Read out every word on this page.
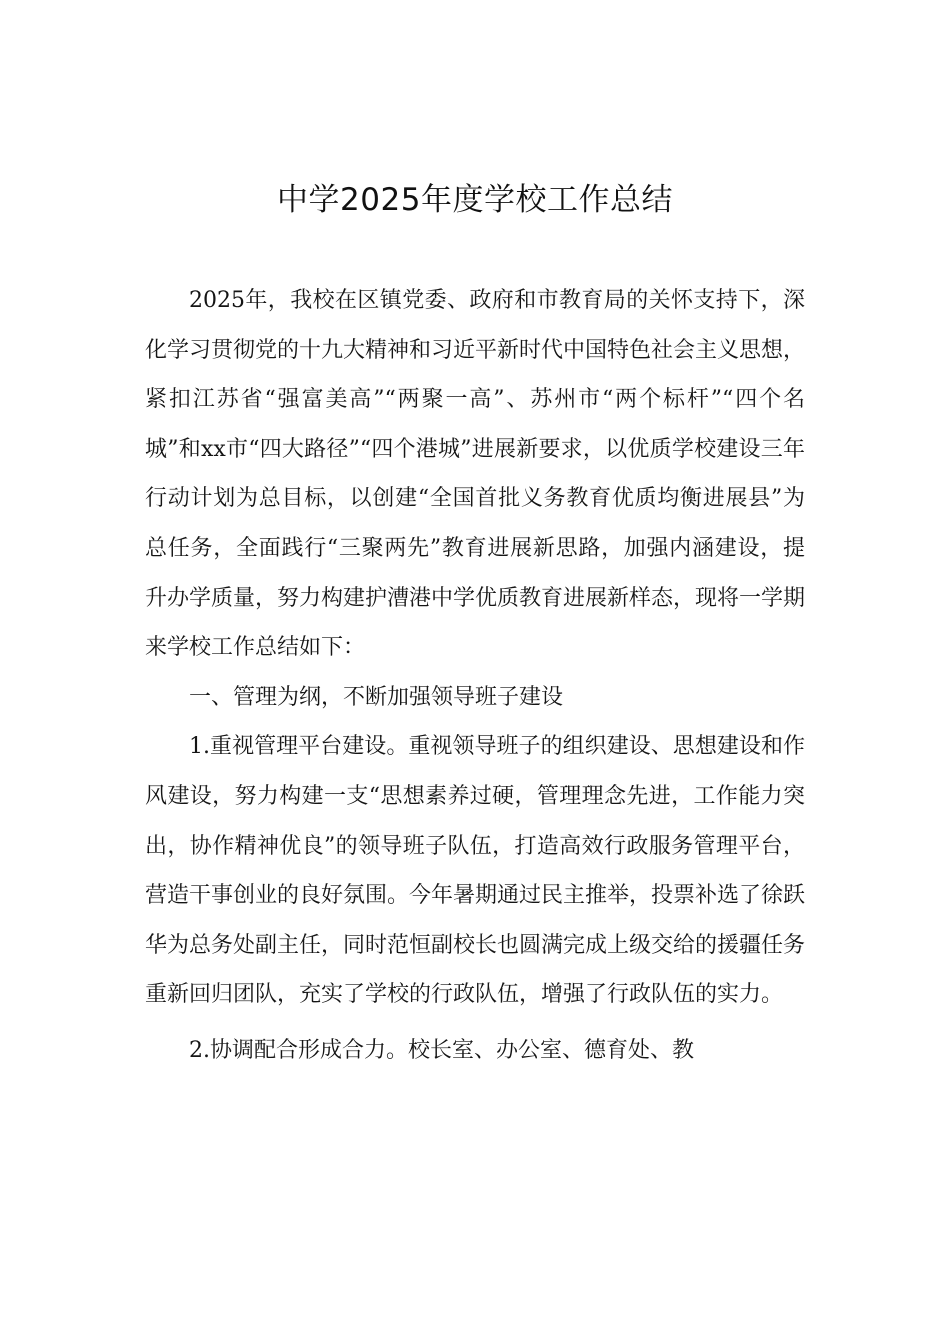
中学2025年度学校工作总结

2025年，我校在区镇党委、政府和市教育局的关怀支持下，深化学习贯彻党的十九大精神和习近平新时代中国特色社会主义思想，紧扣江苏省“强富美高”“两聚一高”、苏州市“两个标杆”“四个名城”和xx市“四大路径”“四个港城”进展新要求，以优质学校建设三年行动计划为总目标，以创建“全国首批义务教育优质均衡进展县”为总任务，全面践行“三聚两先”教育进展新思路，加强内涵建设，提升办学质量，努力构建护漕港中学优质教育进展新样态，现将一学期来学校工作总结如下：

一、管理为纲，不断加强领导班子建设

1.重视管理平台建设。重视领导班子的组织建设、思想建设和作风建设，努力构建一支“思想素养过硬，管理理念先进，工作能力突出，协作精神优良”的领导班子队伍，打造高效行政服务管理平台，营造干事创业的良好氛围。今年暑期通过民主推举，投票补选了徐跃华为总务处副主任，同时范恒副校长也圆满完成上级交给的援疆任务重新回归团队，充实了学校的行政队伍，增强了行政队伍的实力。

2.协调配合形成合力。校长室、办公室、德育处、教
